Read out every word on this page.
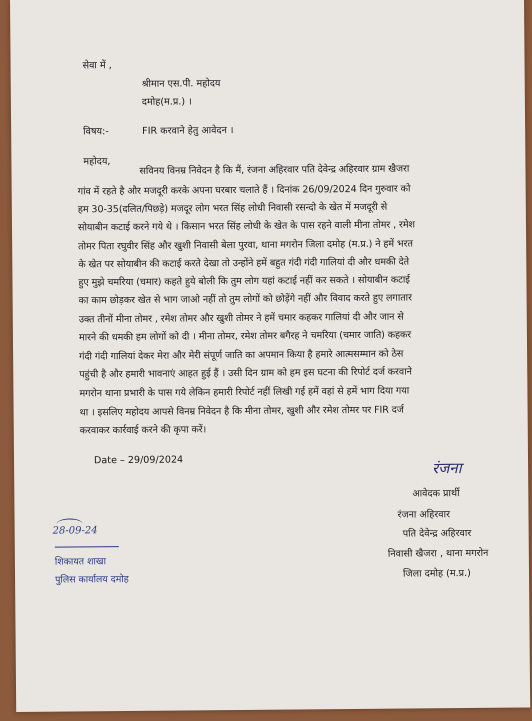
सेवा में ,
श्रीमान एस.पी. महोदय
दमोह(म.प्र.) ।
विषय:-	FIR करवाने हेतु आवेदन ।
महोदय,
सविनय विनम्र निवेदन है कि मैं, रंजना अहिरवार पति देवेन्द्र अहिरवार ग्राम खैजरा
गांव में रहते है और मजदूरी करके अपना घरबार चलाते हैं । दिनांक 26/09/2024 दिन गुरुवार को
हम 30-35(दलित/पिछड़े) मजदूर लोग भरत सिंह लोधी निवासी रसन्दो के खेत में मजदूरी से
सोयाबीन कटाई करने गये थे । किसान भरत सिंह लोधी के खेत के पास रहने वाली मीना तोमर , रमेश
तोमर पिता रघुवीर सिंह और खुशी निवासी बेला पुरवा, थाना मगरोन जिला दमोह (म.प्र.) ने हमें भरत
के खेत पर सोयाबीन की कटाई करते देखा तो उन्होंने हमें बहुत गंदी गंदी गालियां दी और धमकी देते
हुए मुझे चमरिया (चमार) कहते हुये बोली कि तुम लोग यहां कटाई नहीं कर सकते । सोयाबीन कटाई
का काम छोड़कर खेत से भाग जाओ नहीं तो तुम लोगों को छोड़ेंगे नहीं और विवाद करते हुए लगातार
उक्त तीनों मीना तोमर , रमेश तोमर और खुशी तोमर ने हमें चमार कहकर गालियां दी और जान से
मारने की धमकी हम लोगों को दी । मीना तोमर, रमेश तोमर बगैरह ने चमरिया (चमार जाति) कहकर
गंदी गंदी गालियां देकर मेरा और मेरी संपूर्ण जाति का अपमान किया है हमारे आत्मसम्मान को ठेस
पहुंची है और हमारी भावनाएं आहत हुई हैं । उसी दिन ग्राम को हम इस घटना की रिपोर्ट दर्ज करवाने
मगरोन थाना प्रभारी के पास गये लेकिन हमारी रिपोर्ट नहीं लिखी गई हमें वहां से हमें भाग दिया गया
था । इसलिए महोदय आपसे विनम्र निवेदन है कि मीना तोमर, खुशी और रमेश तोमर पर FIR दर्ज
करवाकर कार्रवाई करने की कृपा करें।
Date – 29/09/2024	रंजना
आवेदक प्रार्थी
रंजना अहिरवार
पति देवेन्द्र अहिरवार
निवासी खैजरा , थाना मगरोन
जिला दमोह (म.प्र.)
28-09-24
शिकायत शाखा
पुलिस कार्यालय दमोह
